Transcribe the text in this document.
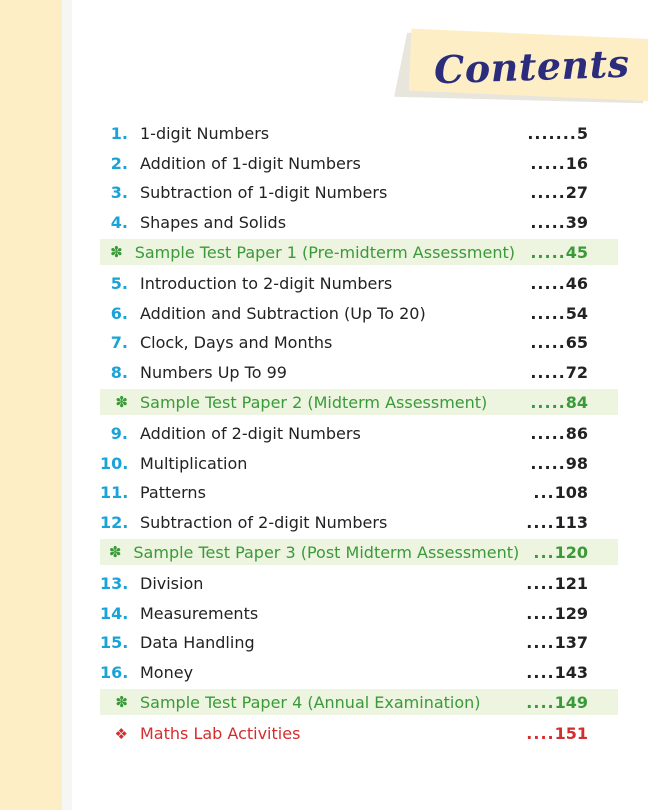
Contents
1. 1-digit Numbers	.......5
2. Addition of 1-digit Numbers	.....16
3. Subtraction of 1-digit Numbers	.....27
4. Shapes and Solids	.....39
✽ Sample Test Paper 1 (Pre-midterm Assessment) .....45
5. Introduction to 2-digit Numbers	.....46
6. Addition and Subtraction (Up To 20)	.....54
7. Clock, Days and Months	.....65
8. Numbers Up To 99	.....72
✽ Sample Test Paper 2 (Midterm Assessment)	.....84
9. Addition of 2-digit Numbers	.....86
10. Multiplication	.....98
11. Patterns	...108
12. Subtraction of 2-digit Numbers	....113
✽ Sample Test Paper 3 (Post Midterm Assessment) ...120
13. Division	....121
14. Measurements	....129
15. Data Handling	....137
16. Money	....143
✽ Sample Test Paper 4 (Annual Examination)	....149
❖ Maths Lab Activities	....151
